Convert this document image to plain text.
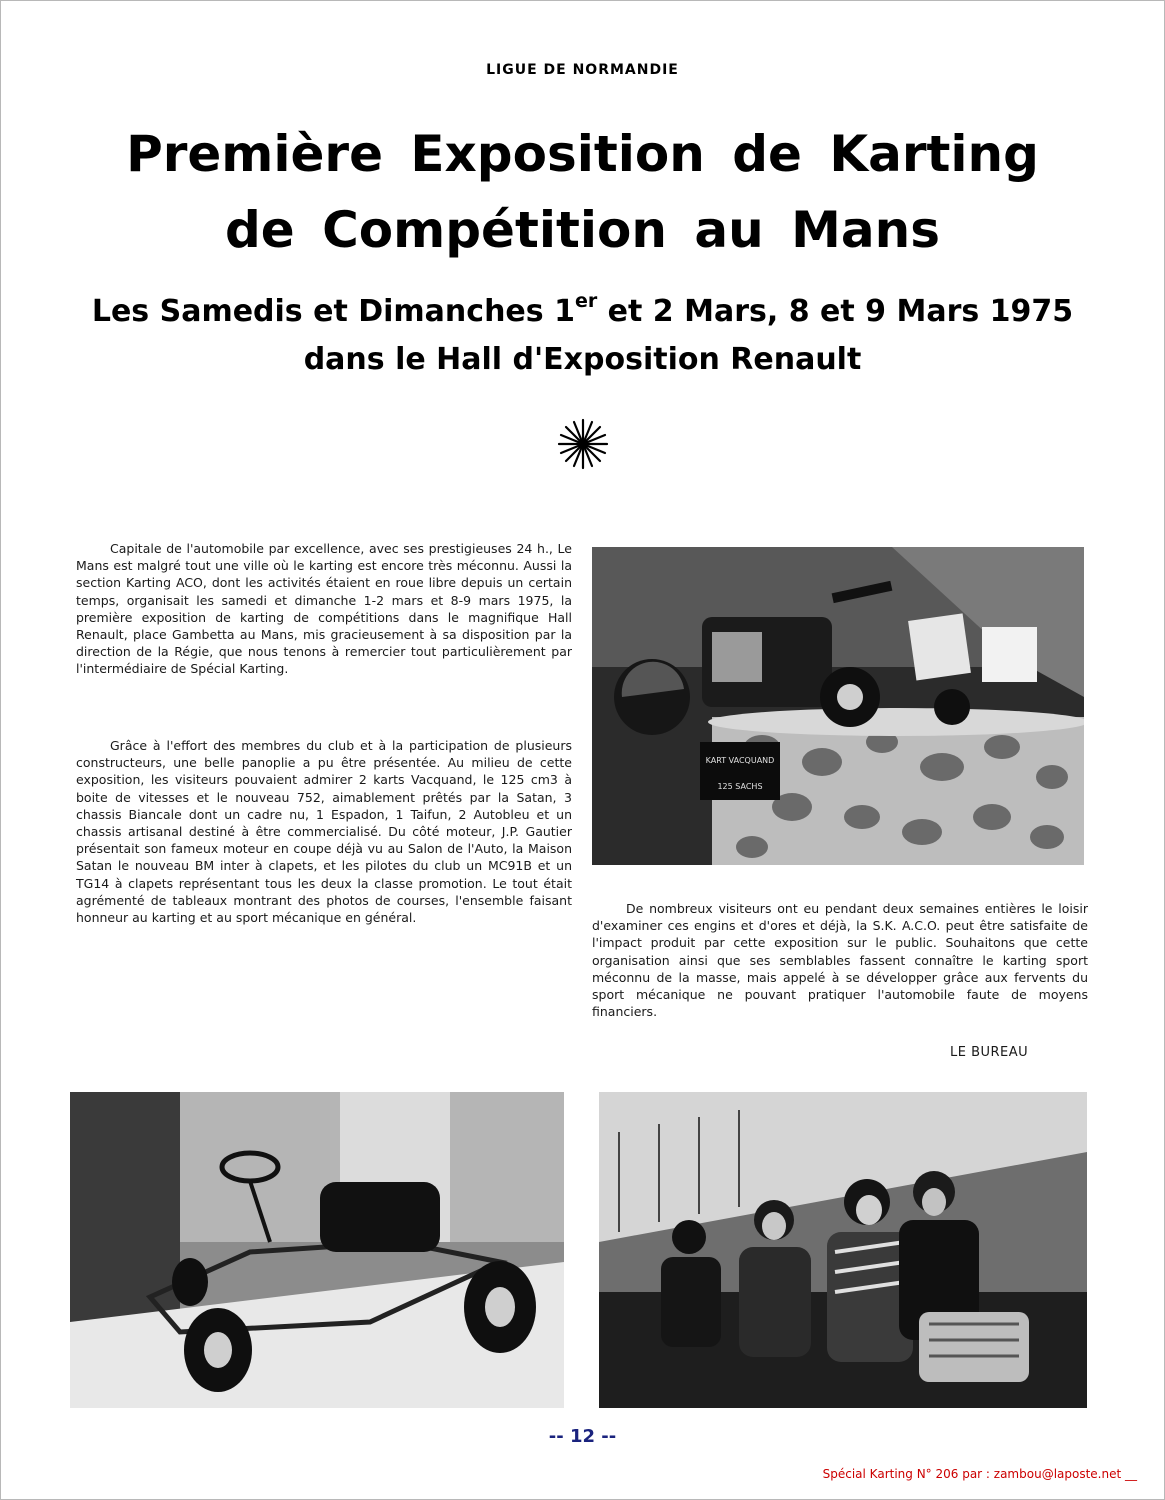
LIGUE DE NORMANDIE
Première Exposition de Karting
de Compétition au Mans
Les Samedis et Dimanches 1er et 2 Mars, 8 et 9 Mars 1975
dans le Hall d'Exposition Renault

Capitale de l'automobile par excellence, avec ses prestigieuses 24 h., Le Mans est malgré tout une ville où le karting est encore très méconnu. Aussi la section Karting ACO, dont les activités étaient en roue libre depuis un certain temps, organisait les samedi et dimanche 1-2 mars et 8-9 mars 1975, la première exposition de karting de compétitions dans le magnifique Hall Renault, place Gambetta au Mans, mis gracieusement à sa disposition par la direction de la Régie, que nous tenons à remercier tout particulièrement par l'intermédiaire de Spécial Karting.

Grâce à l'effort des membres du club et à la participation de plusieurs constructeurs, une belle panoplie a pu être présentée. Au milieu de cette exposition, les visiteurs pouvaient admirer 2 karts Vacquand, le 125 cm3 à boite de vitesses et le nouveau 752, aimablement prêtés par la Satan, 3 chassis Biancale dont un cadre nu, 1 Espadon, 1 Taifun, 2 Autobleu et un chassis artisanal destiné à être commercialisé. Du côté moteur, J.P. Gautier présentait son fameux moteur en coupe déjà vu au Salon de l'Auto, la Maison Satan le nouveau BM inter à clapets, et les pilotes du club un MC91B et un TG14 à clapets représentant tous les deux la classe promotion. Le tout était agrémenté de tableaux montrant des photos de courses, l'ensemble faisant honneur au karting et au sport mécanique en général.

KART VACQUAND
125 SACHS

De nombreux visiteurs ont eu pendant deux semaines entières le loisir d'examiner ces engins et d'ores et déjà, la S.K. A.C.O. peut être satisfaite de l'impact produit par cette exposition sur le public. Souhaitons que cette organisation ainsi que ses semblables fassent connaître le karting sport méconnu de la masse, mais appelé à se développer grâce aux fervents du sport mécanique ne pouvant pratiquer l'automobile faute de moyens financiers.

LE BUREAU
-- 12 --
Spécial Karting N° 206 par : zambou@laposte.net __
